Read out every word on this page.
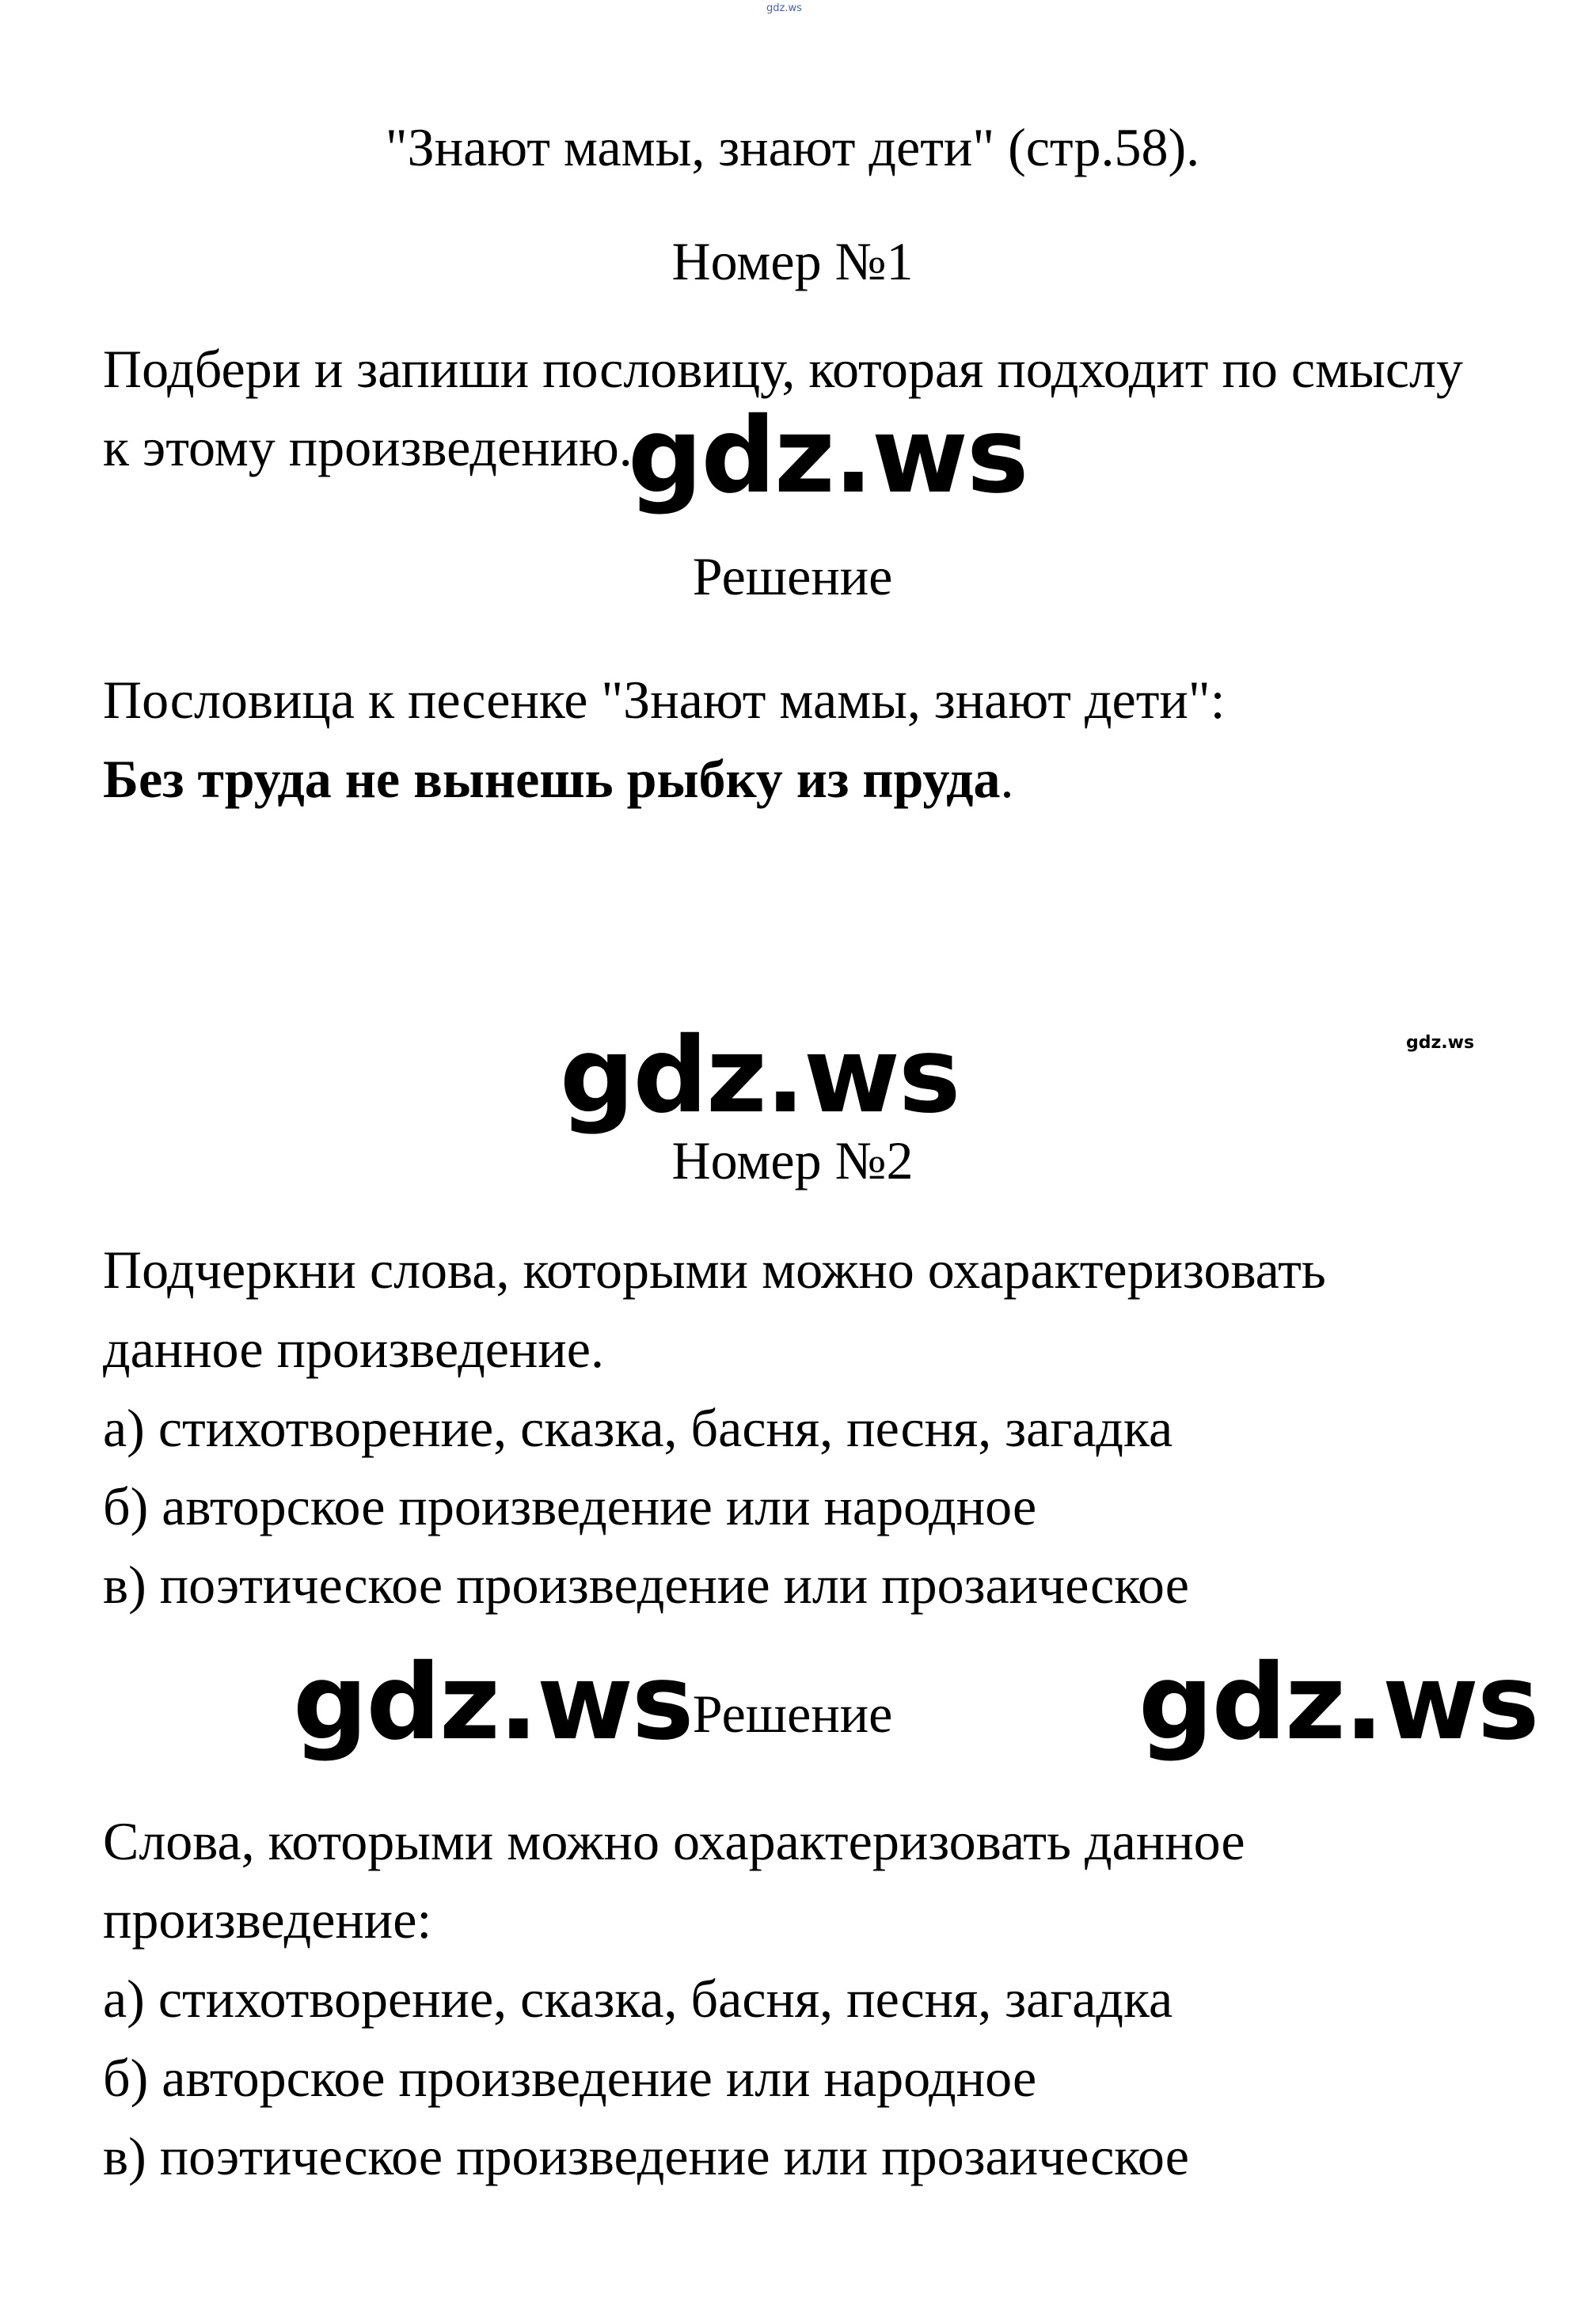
gdz.ws
"Знают мамы, знают дети" (стр.58).
Номер №1
Подбери и запиши пословицу, которая подходит по смыслу
к этому произведению.
gdz.ws
Решение
Пословица к песенке "Знают мамы, знают дети":
Без труда не вынешь рыбку из пруда.
gdz.ws
gdz.ws
Номер №2
Подчеркни слова, которыми можно охарактеризовать
данное произведение.
а) стихотворение, сказка, басня, песня, загадка
б) авторское произведение или народное
в) поэтическое произведение или прозаическое
gdz.ws Решение	gdz.ws
Слова, которыми можно охарактеризовать данное
произведение:
а) стихотворение, сказка, басня, песня, загадка
б) авторское произведение или народное
в) поэтическое произведение или прозаическое
